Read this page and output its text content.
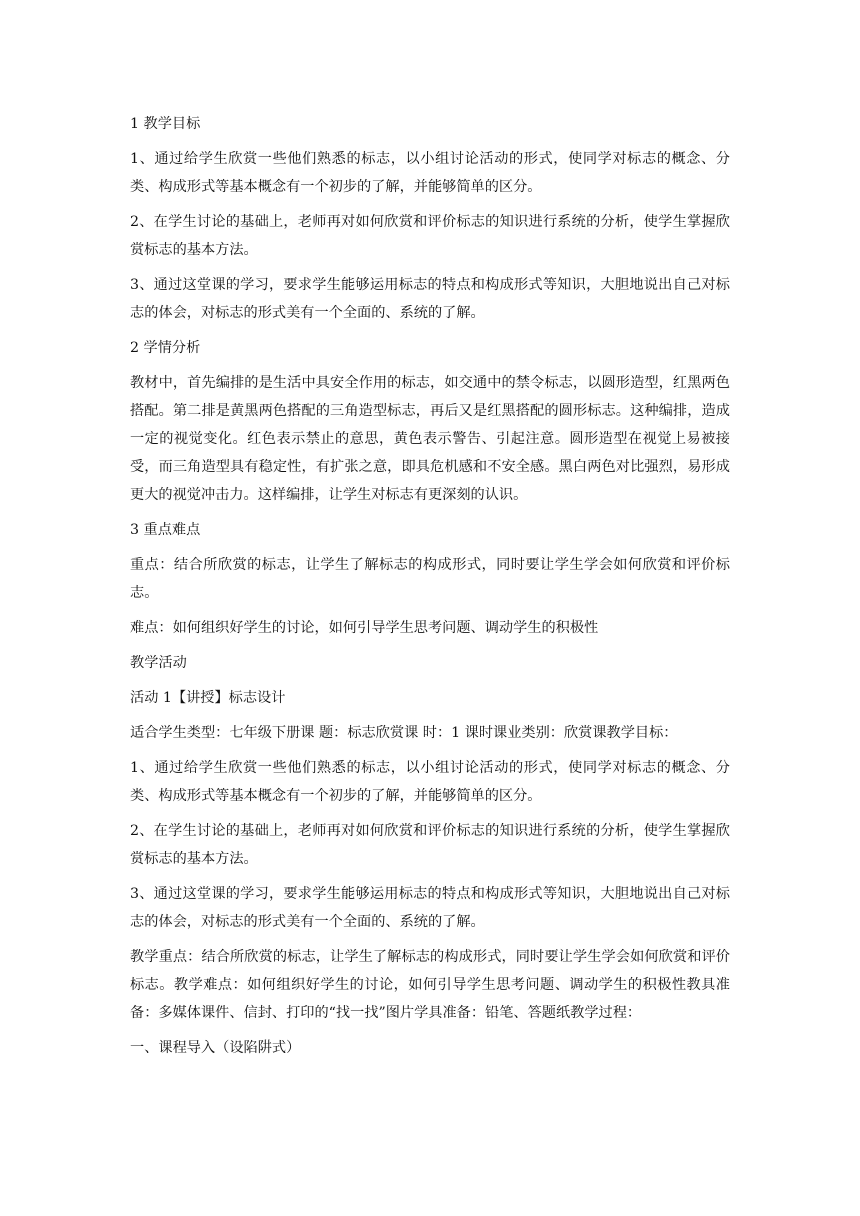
1 教学目标

1、通过给学生欣赏一些他们熟悉的标志，以小组讨论活动的形式，使同学对标志的概念、分类、构成形式等基本概念有一个初步的了解，并能够简单的区分。

2、在学生讨论的基础上，老师再对如何欣赏和评价标志的知识进行系统的分析，使学生掌握欣赏标志的基本方法。

3、通过这堂课的学习，要求学生能够运用标志的特点和构成形式等知识，大胆地说出自己对标志的体会，对标志的形式美有一个全面的、系统的了解。

2 学情分析

教材中，首先编排的是生活中具安全作用的标志，如交通中的禁令标志，以圆形造型，红黑两色搭配。第二排是黄黑两色搭配的三角造型标志，再后又是红黑搭配的圆形标志。这种编排，造成一定的视觉变化。红色表示禁止的意思，黄色表示警告、引起注意。圆形造型在视觉上易被接受，而三角造型具有稳定性，有扩张之意，即具危机感和不安全感。黑白两色对比强烈，易形成更大的视觉冲击力。这样编排，让学生对标志有更深刻的认识。

3 重点难点

重点：结合所欣赏的标志，让学生了解标志的构成形式，同时要让学生学会如何欣赏和评价标志。

难点：如何组织好学生的讨论，如何引导学生思考问题、调动学生的积极性

教学活动

活动 1【讲授】标志设计

适合学生类型：七年级下册课 题：标志欣赏课 时：1 课时课业类别：欣赏课教学目标：

1、通过给学生欣赏一些他们熟悉的标志，以小组讨论活动的形式，使同学对标志的概念、分类、构成形式等基本概念有一个初步的了解，并能够简单的区分。

2、在学生讨论的基础上，老师再对如何欣赏和评价标志的知识进行系统的分析，使学生掌握欣赏标志的基本方法。

3、通过这堂课的学习，要求学生能够运用标志的特点和构成形式等知识，大胆地说出自己对标志的体会，对标志的形式美有一个全面的、系统的了解。

教学重点：结合所欣赏的标志，让学生了解标志的构成形式，同时要让学生学会如何欣赏和评价标志。教学难点：如何组织好学生的讨论，如何引导学生思考问题、调动学生的积极性教具准备：多媒体课件、信封、打印的“找一找”图片学具准备：铅笔、答题纸教学过程：

一、课程导入（设陷阱式）
